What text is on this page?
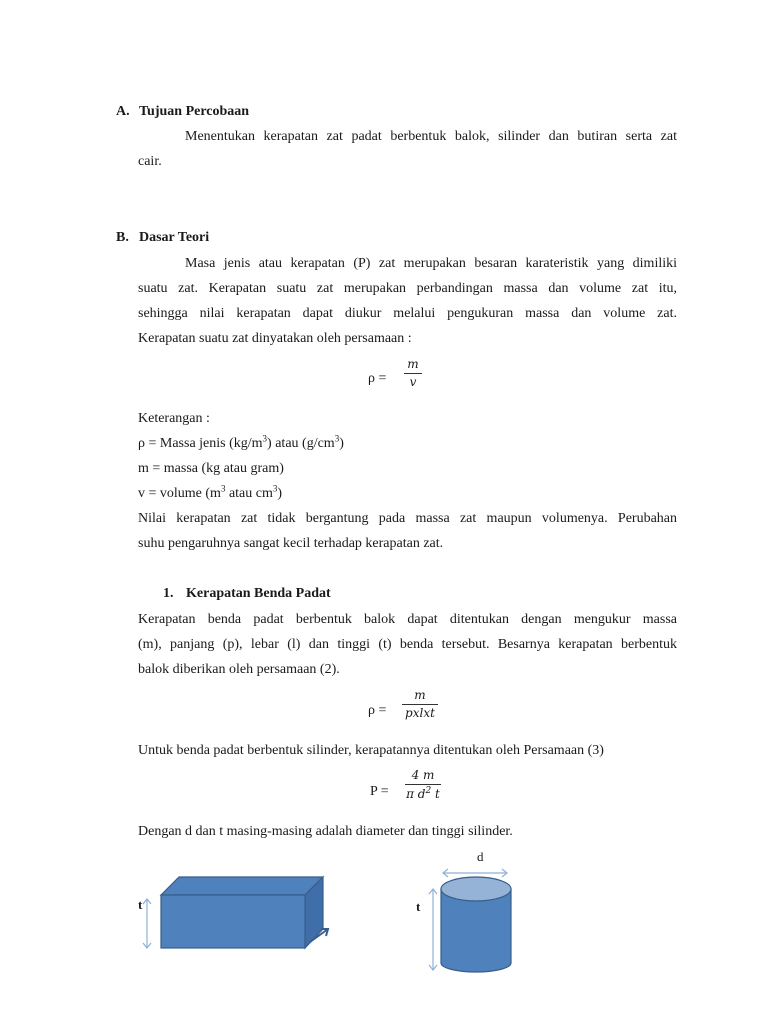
A. Tujuan Percobaan
Menentukan kerapatan zat padat berbentuk balok, silinder dan butiran serta zat
cair.
B. Dasar Teori
Masa jenis atau kerapatan (P) zat merupakan besaran karateristik yang dimiliki
suatu zat. Kerapatan suatu zat merupakan perbandingan massa dan volume zat itu,
sehingga nilai kerapatan dapat diukur melalui pengukuran massa dan volume zat.
Kerapatan suatu zat dinyatakan oleh persamaan :
ρ =
m
v
Keterangan :
ρ = Massa jenis $(kg/m^3)$ atau $(g/cm^3)$
m = massa (kg atau gram)
v = volume ($m^3$ atau $cm^3$)
Nilai kerapatan zat tidak bergantung pada massa zat maupun volumenya. Perubahan
suhu pengaruhnya sangat kecil terhadap kerapatan zat.
1. Kerapatan Benda Padat
Kerapatan benda padat berbentuk balok dapat ditentukan dengan mengukur massa
(m), panjang (p), lebar (l) dan tinggi (t) benda tersebut. Besarnya kerapatan berbentuk
balok diberikan oleh persamaan (2).
ρ =
m
pxlxt
Untuk benda padat berbentuk silinder, kerapatannya ditentukan oleh Persamaan (3)
P =
4 m
π $d^2$ t
Dengan d dan t masing-masing adalah diameter dan tinggi silinder.
t
d
t
